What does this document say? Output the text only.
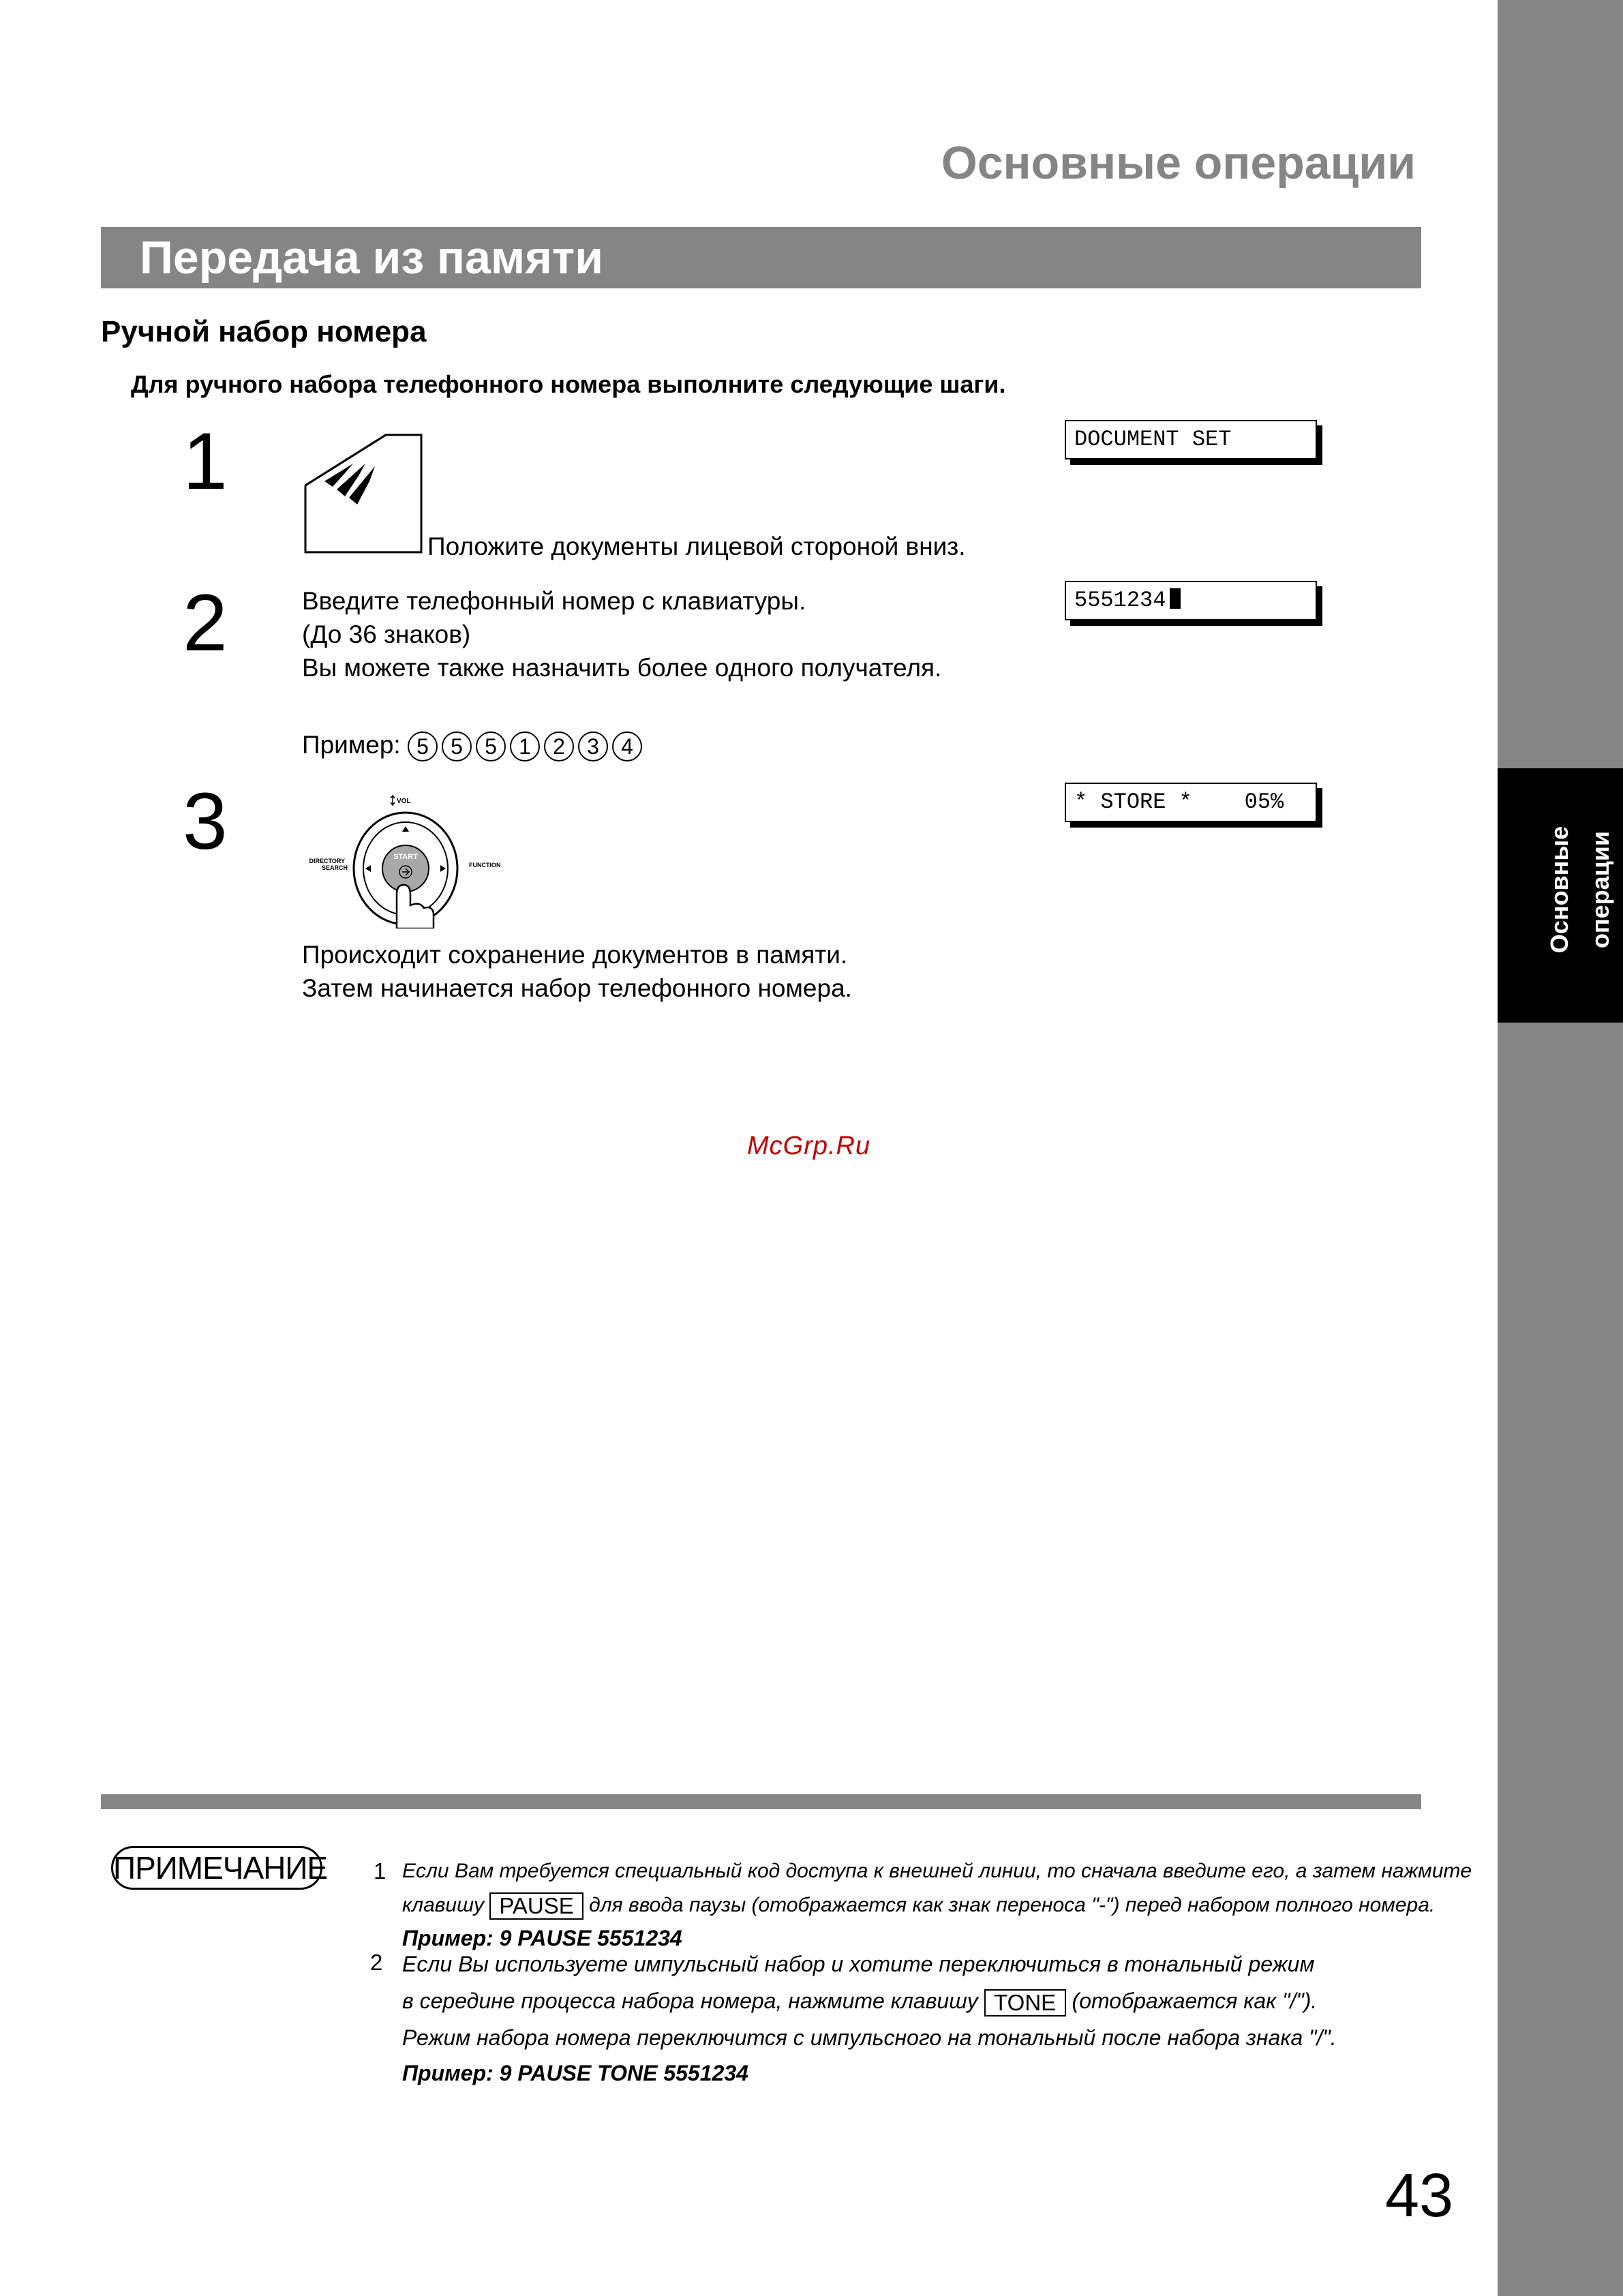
Основные операции
Основные операции
Передача из памяти
Ручной набор номера
Для ручного набора телефонного номера выполните следующие шаги.
1
Положите документы лицевой стороной вниз.
DOCUMENT SET
2	Введите телефонный номер с клавиатуры.
(До 36 знаков)
Вы можете также назначить более одного получателя.
5551234
Пример: 5 5 5 1 2 3 4
3	VOL
START
DIRECTORY
SEARCH	FUNCTION
Происходит сохранение документов в памяти.
Затем начинается набор телефонного номера.
* STORE *    05%
McGrp.Ru
ПРИМЕЧАНИЕ 1 Если Вам требуется специальный код доступа к внешней линии, то сначала введите его, а затем нажмите
клавишу PAUSE для ввода паузы (отображается как знак переноса "-") перед набором полного номера.
Пример: 9 PAUSE 5551234
2 Если Вы используете импульсный набор и хотите переключиться в тональный режим
в середине процесса набора номера, нажмите клавишу TONE (отображается как "/").
Режим набора номера переключится с импульсного на тональный после набора знака "/".
Пример: 9 PAUSE TONE 5551234
43
